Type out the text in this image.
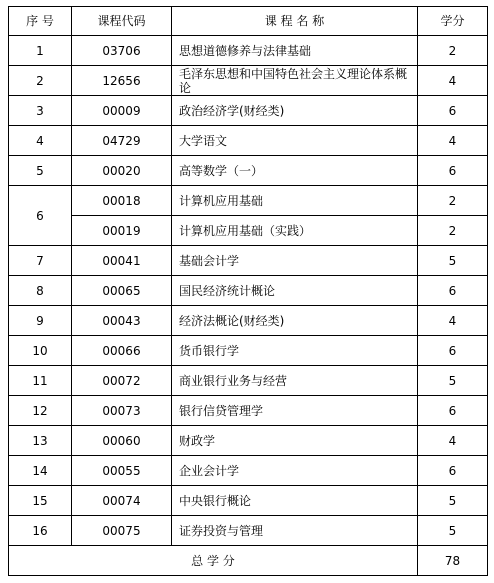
序 号	课程代码	课 程 名 称	学分
1	03706	思想道德修养与法律基础	2
2	12656	毛泽东思想和中国特色社会主义理论体系概论	4
3	00009	政治经济学(财经类)	6
4	04729	大学语文	4
5	00020	高等数学（一）	6
6	00018	计算机应用基础	2
	00019	计算机应用基础（实践）	2
7	00041	基础会计学	5
8	00065	国民经济统计概论	6
9	00043	经济法概论(财经类)	4
10	00066	货币银行学	6
11	00072	商业银行业务与经营	5
12	00073	银行信贷管理学	6
13	00060	财政学	4
14	00055	企业会计学	6
15	00074	中央银行概论	5
16	00075	证券投资与管理	5
总 学 分			78
